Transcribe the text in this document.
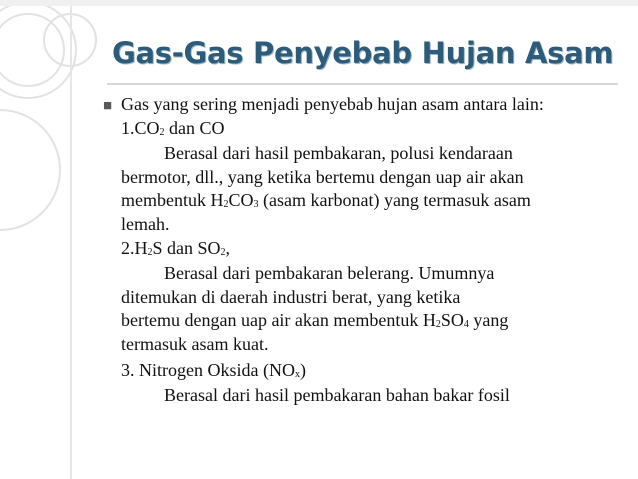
Gas-Gas Penyebab Hujan Asam
■ Gas yang sering menjadi penyebab hujan asam antara lain:
1.CO2 dan CO
Berasal dari hasil pembakaran, polusi kendaraan
bermotor, dll., yang ketika bertemu dengan uap air akan
membentuk H2CO3 (asam karbonat) yang termasuk asam
lemah.
2.H2S dan SO2,
Berasal dari pembakaran belerang. Umumnya
ditemukan di daerah industri berat, yang ketika
bertemu dengan uap air akan membentuk H2SO4 yang
termasuk asam kuat.
3. Nitrogen Oksida (NOx)
Berasal dari hasil pembakaran bahan bakar fosil
